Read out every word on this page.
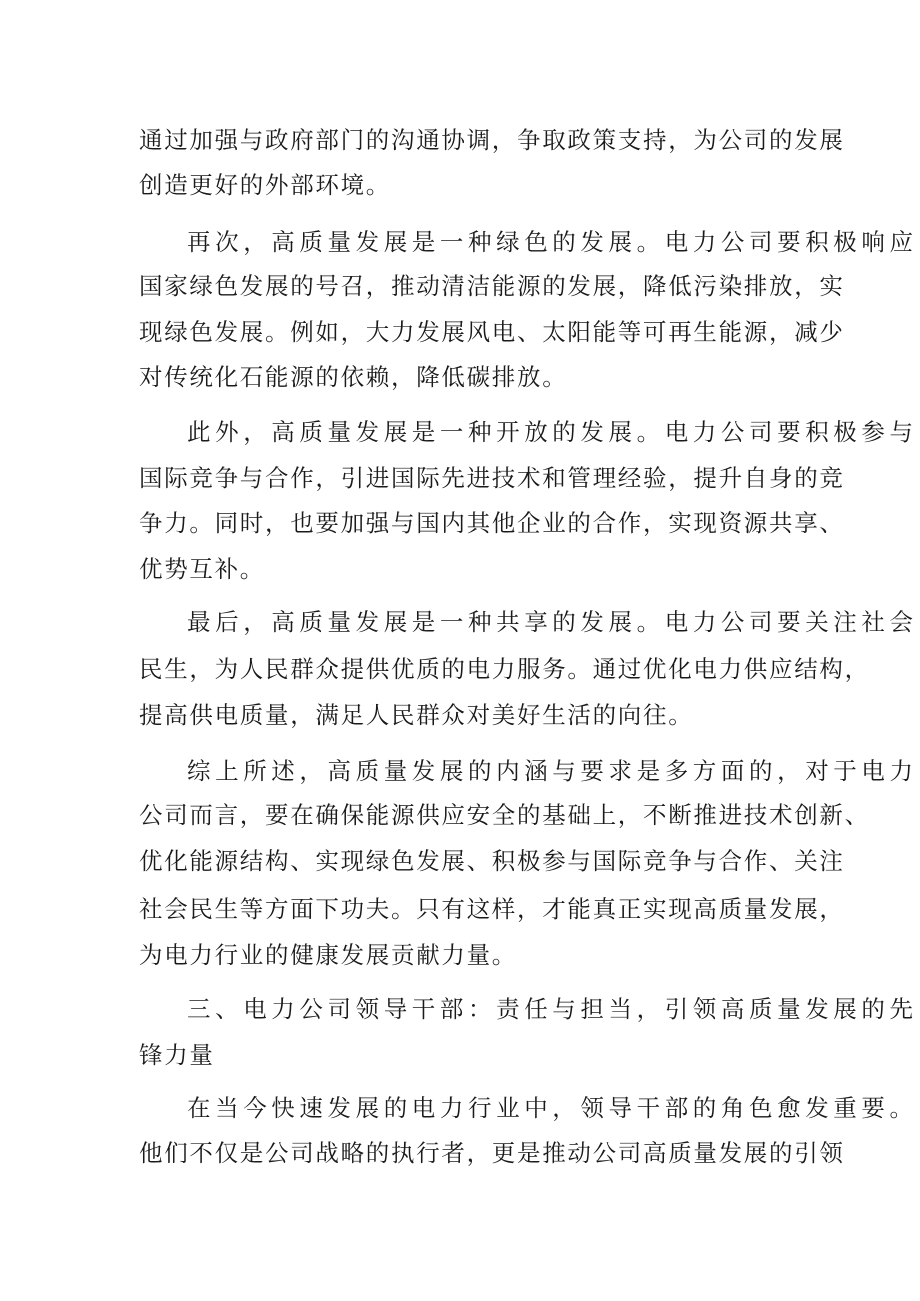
通过加强与政府部门的沟通协调，争取政策支持，为公司的发展
创造更好的外部环境。
再次，高质量发展是一种绿色的发展。电力公司要积极响应
国家绿色发展的号召，推动清洁能源的发展，降低污染排放，实
现绿色发展。例如，大力发展风电、太阳能等可再生能源，减少
对传统化石能源的依赖，降低碳排放。
此外，高质量发展是一种开放的发展。电力公司要积极参与
国际竞争与合作，引进国际先进技术和管理经验，提升自身的竞
争力。同时，也要加强与国内其他企业的合作，实现资源共享、
优势互补。
最后，高质量发展是一种共享的发展。电力公司要关注社会
民生，为人民群众提供优质的电力服务。通过优化电力供应结构，
提高供电质量，满足人民群众对美好生活的向往。
综上所述，高质量发展的内涵与要求是多方面的，对于电力
公司而言，要在确保能源供应安全的基础上，不断推进技术创新、
优化能源结构、实现绿色发展、积极参与国际竞争与合作、关注
社会民生等方面下功夫。只有这样，才能真正实现高质量发展，
为电力行业的健康发展贡献力量。
三、电力公司领导干部：责任与担当，引领高质量发展的先
锋力量
在当今快速发展的电力行业中，领导干部的角色愈发重要。
他们不仅是公司战略的执行者，更是推动公司高质量发展的引领
